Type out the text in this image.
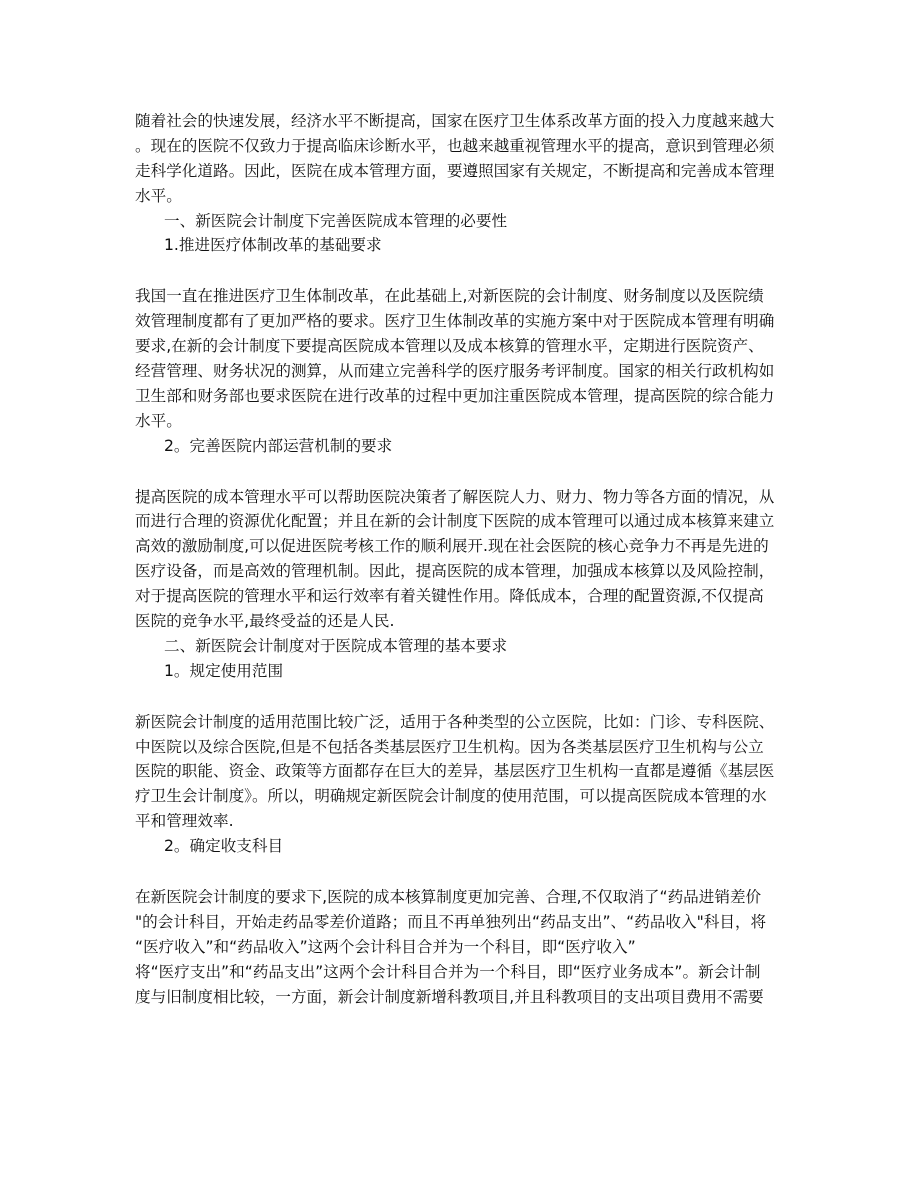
随着社会的快速发展，经济水平不断提高，国家在医疗卫生体系改革方面的投入力度越来越大
。现在的医院不仅致力于提高临床诊断水平，也越来越重视管理水平的提高，意识到管理必须
走科学化道路。因此，医院在成本管理方面，要遵照国家有关规定，不断提高和完善成本管理
水平。
一、新医院会计制度下完善医院成本管理的必要性
1.推进医疗体制改革的基础要求
我国一直在推进医疗卫生体制改革，在此基础上,对新医院的会计制度、财务制度以及医院绩
效管理制度都有了更加严格的要求。医疗卫生体制改革的实施方案中对于医院成本管理有明确
要求,在新的会计制度下要提高医院成本管理以及成本核算的管理水平，定期进行医院资产、
经营管理、财务状况的测算，从而建立完善科学的医疗服务考评制度。国家的相关行政机构如
卫生部和财务部也要求医院在进行改革的过程中更加注重医院成本管理，提高医院的综合能力
水平。
2。完善医院内部运营机制的要求
提高医院的成本管理水平可以帮助医院决策者了解医院人力、财力、物力等各方面的情况，从
而进行合理的资源优化配置；并且在新的会计制度下医院的成本管理可以通过成本核算来建立
高效的激励制度,可以促进医院考核工作的顺利展开.现在社会医院的核心竞争力不再是先进的
医疗设备，而是高效的管理机制。因此，提高医院的成本管理，加强成本核算以及风险控制，
对于提高医院的管理水平和运行效率有着关键性作用。降低成本，合理的配置资源,不仅提高
医院的竞争水平,最终受益的还是人民.
二、新医院会计制度对于医院成本管理的基本要求
1。规定使用范围
新医院会计制度的适用范围比较广泛，适用于各种类型的公立医院，比如：门诊、专科医院、
中医院以及综合医院,但是不包括各类基层医疗卫生机构。因为各类基层医疗卫生机构与公立
医院的职能、资金、政策等方面都存在巨大的差异，基层医疗卫生机构一直都是遵循《基层医
疗卫生会计制度》。所以，明确规定新医院会计制度的使用范围，可以提高医院成本管理的水
平和管理效率.
2。确定收支科目
在新医院会计制度的要求下,医院的成本核算制度更加完善、合理,不仅取消了“药品进销差价
"的会计科目，开始走药品零差价道路；而且不再单独列出“药品支出”、“药品收入"科目，将
“医疗收入”和“药品收入”这两个会计科目合并为一个科目，即“医疗收入”
将“医疗支出”和“药品支出”这两个会计科目合并为一个科目，即“医疗业务成本”。新会计制
度与旧制度相比较，一方面，新会计制度新增科教项目,并且科教项目的支出项目费用不需要
